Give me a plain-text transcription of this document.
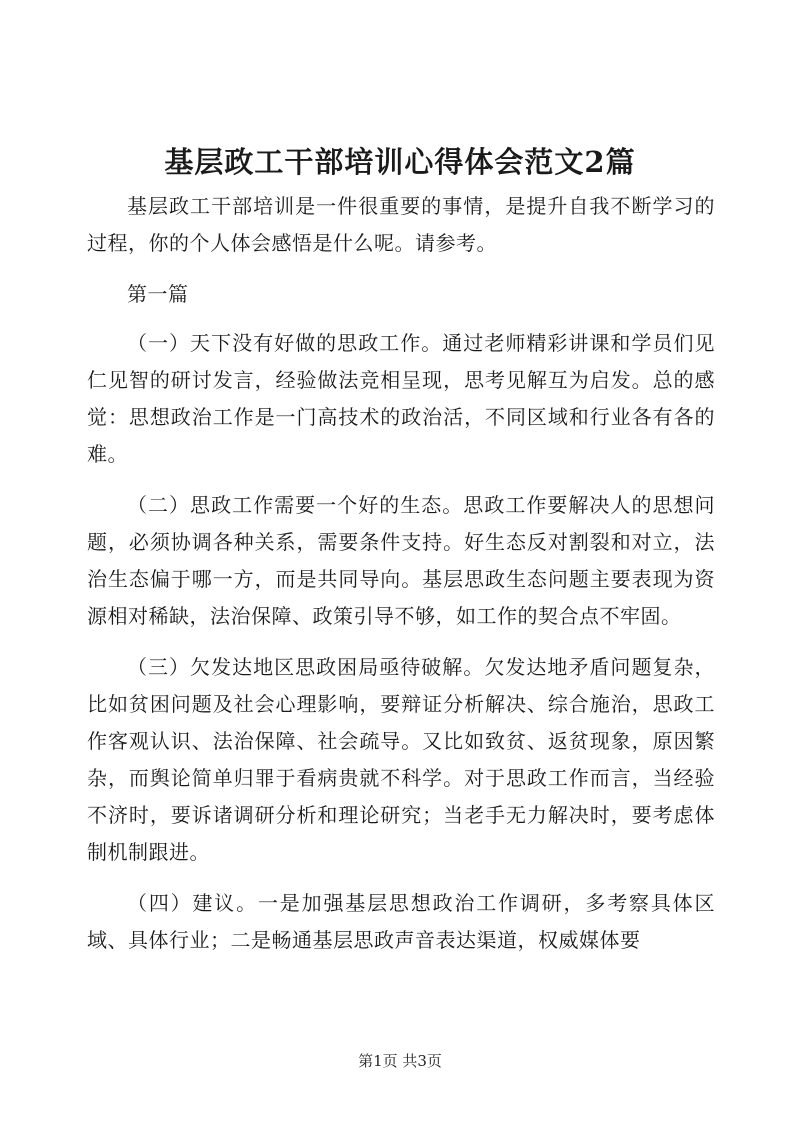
基层政工干部培训心得体会范文2篇

基层政工干部培训是一件很重要的事情，是提升自我不断学习的过程，你的个人体会感悟是什么呢。请参考。

第一篇

（一）天下没有好做的思政工作。通过老师精彩讲课和学员们见仁见智的研讨发言，经验做法竞相呈现，思考见解互为启发。总的感觉：思想政治工作是一门高技术的政治活，不同区域和行业各有各的难。

（二）思政工作需要一个好的生态。思政工作要解决人的思想问题，必须协调各种关系，需要条件支持。好生态反对割裂和对立，法治生态偏于哪一方，而是共同导向。基层思政生态问题主要表现为资源相对稀缺，法治保障、政策引导不够，如工作的契合点不牢固。

（三）欠发达地区思政困局亟待破解。欠发达地矛盾问题复杂，比如贫困问题及社会心理影响，要辩证分析解决、综合施治，思政工作客观认识、法治保障、社会疏导。又比如致贫、返贫现象，原因繁杂，而舆论简单归罪于看病贵就不科学。对于思政工作而言，当经验不济时，要诉诸调研分析和理论研究；当老手无力解决时，要考虑体制机制跟进。

（四）建议。一是加强基层思想政治工作调研，多考察具体区域、具体行业；二是畅通基层思政声音表达渠道，权威媒体要

第1页 共3页
